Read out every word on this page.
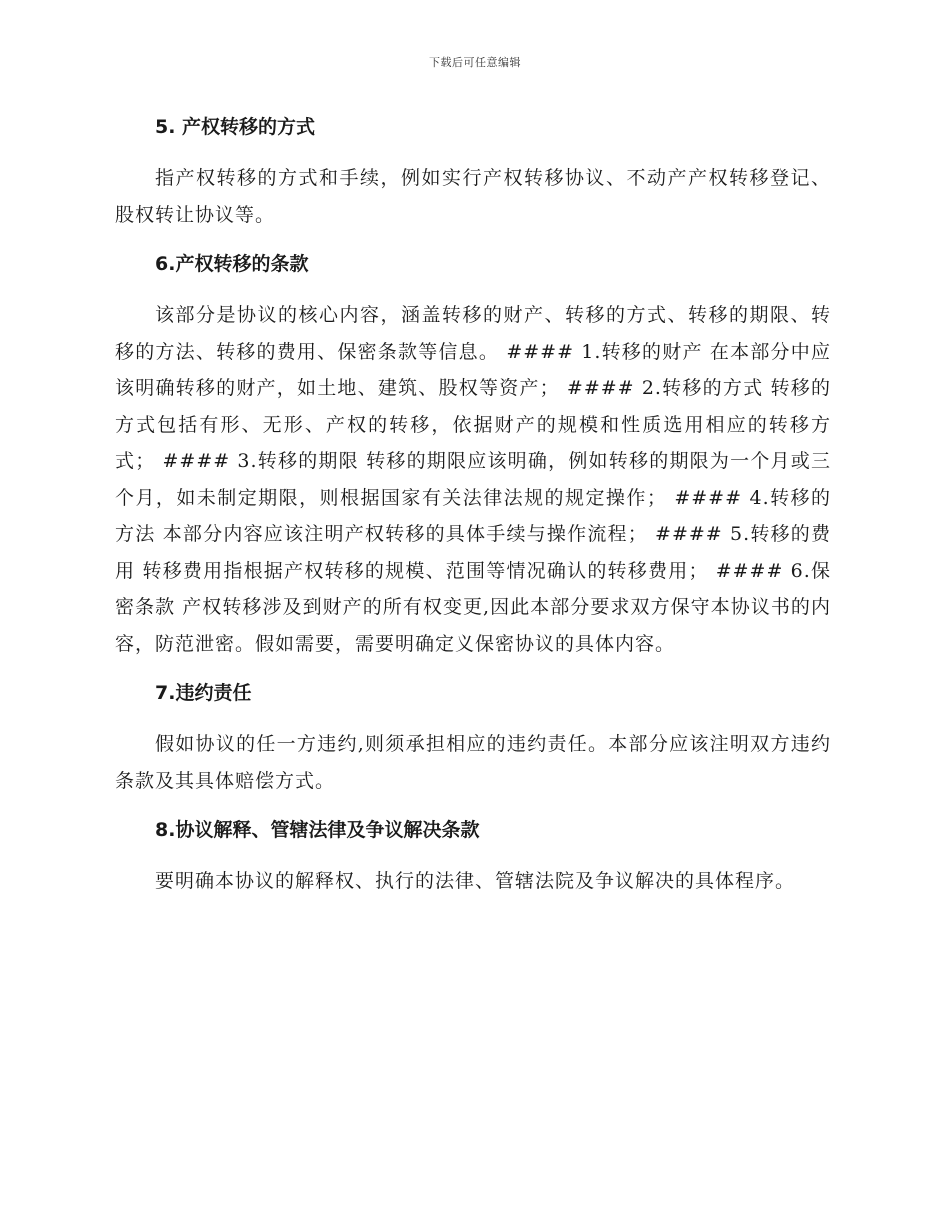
下载后可任意编辑
5. 产权转移的方式

指产权转移的方式和手续，例如实行产权转移协议、不动产产权转移登记、股权转让协议等。

6.产权转移的条款

该部分是协议的核心内容，涵盖转移的财产、转移的方式、转移的期限、转移的方法、转移的费用、保密条款等信息。 #### 1.转移的财产 在本部分中应该明确转移的财产，如土地、建筑、股权等资产； #### 2.转移的方式 转移的方式包括有形、无形、产权的转移，依据财产的规模和性质选用相应的转移方式； #### 3.转移的期限 转移的期限应该明确，例如转移的期限为一个月或三个月，如未制定期限，则根据国家有关法律法规的规定操作； #### 4.转移的方法 本部分内容应该注明产权转移的具体手续与操作流程； #### 5.转移的费用 转移费用指根据产权转移的规模、范围等情况确认的转移费用； #### 6.保密条款 产权转移涉及到财产的所有权变更,因此本部分要求双方保守本协议书的内容，防范泄密。假如需要，需要明确定义保密协议的具体内容。

7.违约责任

假如协议的任一方违约,则须承担相应的违约责任。本部分应该注明双方违约条款及其具体赔偿方式。

8.协议解释、管辖法律及争议解决条款

要明确本协议的解释权、执行的法律、管辖法院及争议解决的具体程序。
